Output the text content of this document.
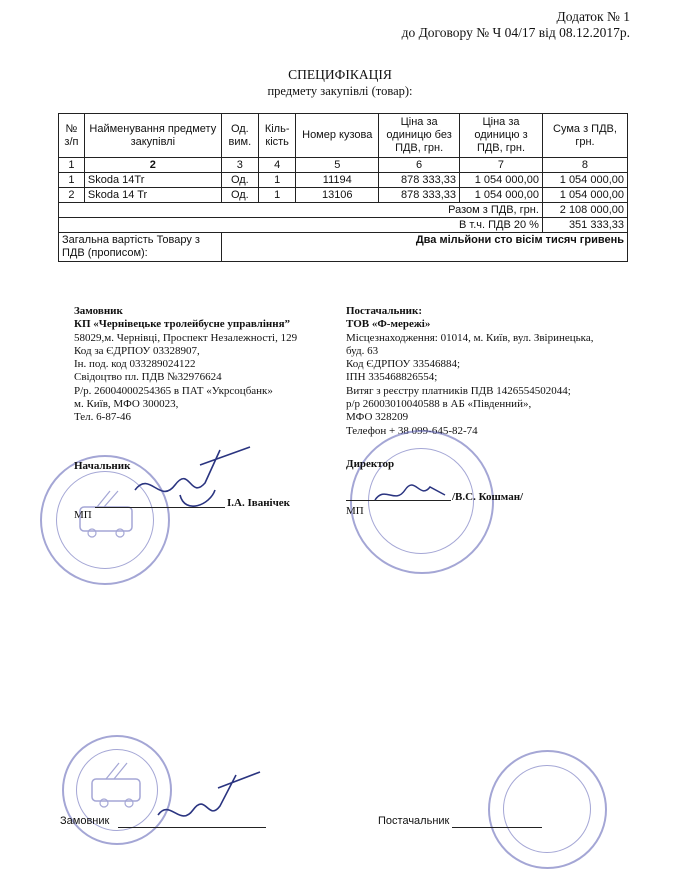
Додаток № 1
до Договору № Ч 04/17 від 08.12.2017р.
СПЕЦИФІКАЦІЯ
предмету закупівлі (товар):
№ з/п	Найменування предмету закупівлі	Од. вим.	Кіль-кість	Номер кузова	Ціна за одиницю без ПДВ, грн.	Ціна за одиницю з ПДВ, грн.	Сума з ПДВ, грн.
1	2	3	4	5	6	7	8
1	Skoda 14Tr	Од.	1	11194	878 333,33	1 054 000,00	1 054 000,00
2	Skoda 14 Tr	Од.	1	13106	878 333,33	1 054 000,00	1 054 000,00
Разом з ПДВ, грн.							2 108 000,00
В т.ч. ПДВ 20 %							351 333,33
Загальна вартість Товару з ПДВ (прописом):		Два мільйони сто вісім тисяч гривень					
Замовник
КП «Чернівецьке тролейбусне управління”
58029,м. Чернівці, Проспект Незалежності, 129
Код за ЄДРПОУ 03328907,
Ін. под. код 033289024122
Свідоцтво пл. ПДВ №32976624
Р/р. 26004000254365 в ПАТ «Укрсоцбанк»
м. Київ, МФО 300023,
Тел. 6-87-46
Постачальник:
ТОВ «Ф-мережі»
Місцезнаходження: 01014, м. Київ, вул. Звіринецька,
буд. 63
Код ЄДРПОУ 33546884;
ІПН 335468826554;
Витяг з реєстру платників ПДВ 1426554502044;
р/р 26003010040588 в АБ «Південний»,
МФО 328209
Телефон + 38 099-645-82-74
Начальник
І.А. Іванічек
МП
Директор
/В.С. Кошман/
МП
Замовник	Постачальник
